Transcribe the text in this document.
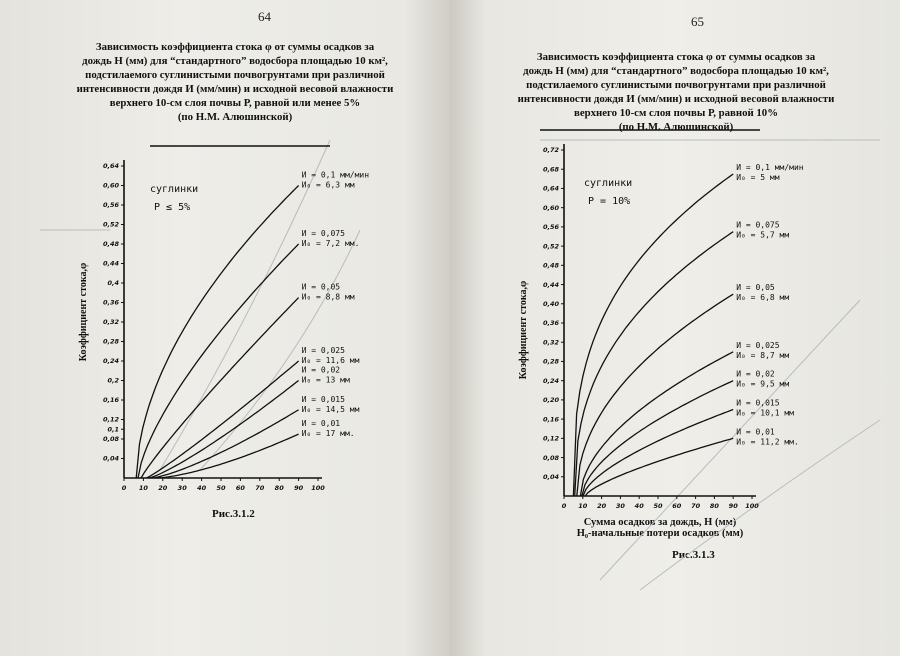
64
Зависимость коэффициента стока φ от суммы осадков за
дождь Н (мм) для “стандартного” водосбора площадью 10 км²,
подстилаемого суглинистыми почвогрунтами при различной
интенсивности дождя И (мм/мин) и исходной весовой влажности
верхнего 10-см слоя почвы Р, равной или менее 5%
(по Н.М. Алюшинской)
Рис.3.1.2
65
Зависимость коэффициента стока φ от суммы осадков за
дождь Н (мм) для “стандартного” водосбора площадью 10 км²,
подстилаемого суглинистыми почвогрунтами при различной
интенсивности дождя И (мм/мин) и исходной весовой влажности
верхнего 10-см слоя почвы Р, равной 10%
(по Н.М. Алюшинской)
Сумма осадков за дождь, Н (мм)
Н₀-начальные потери осадков (мм)
Рис.3.1.3
0,04
0,08
0,1
0,12
0,16
0,2
0,24
0,28
0,32
0,36
0,4
0,44
0,48
0,52
0,56
0,60
0,64
0 10 20 30 40 50 60 70 80 90 100
Коэффициент стока,φ
суглинки
P ≤ 5%
И = 0,1 мм/мин
И₀ = 6,3 мм
И = 0,075
И₀ = 7,2 мм.
И = 0,05
И₀ = 8,8 мм
И = 0,025
И₀ = 11,6 мм
И = 0,02
И₀ = 13 мм
И = 0,015
И₀ = 14,5 мм
И = 0,01
И₀ = 17 мм.
0,04
0,08
0,12
0,16
0,20
0,24
0,28
0,32
0,36
0,40
0,44
0,48
0,52
0,56
0,60
0,64
0,68
0,72
0 10 20 30 40 50 60 70 80 90 100
Коэффициент стока,φ
суглинки
P = 10%
И = 0,1 мм/мин
И₀ = 5 мм
И = 0,075
И₀ = 5,7 мм
И = 0,05
И₀ = 6,8 мм
И = 0,025
И₀ = 8,7 мм
И = 0,02
И₀ = 9,5 мм
И = 0,015
И₀ = 10,1 мм
И = 0,01
И₀ = 11,2 мм.
